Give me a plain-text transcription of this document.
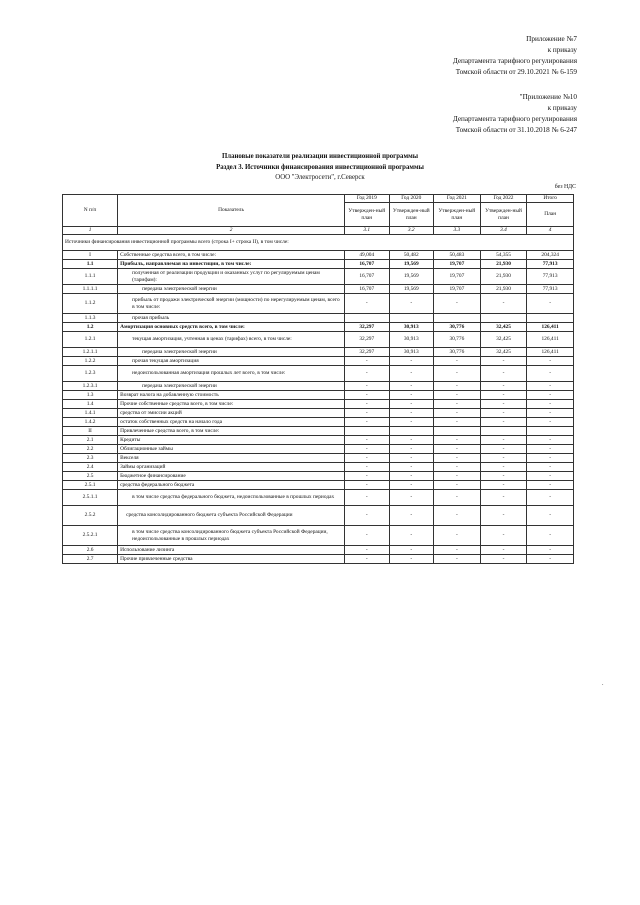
Приложение №7
к приказу
Департамента тарифного регулирования
Томской области от 29.10.2021 № 6-159
"Приложение №10
к приказу
Департамента тарифного регулирования
Томской области от 31.10.2018 № 6-247
Плановые показатели реализации инвестиционной программы
Раздел 3. Источники финансирования инвестиционной программы
ООО "Электросети", г.Северск
без НДС
N п/п	Показатель	Год 2019	Год 2020	Год 2021	Год 2022	Итого
		Утвержден-ный план	Утвержден-ный план	Утвержден-ный план	Утвержден-ный план	План
1	2	3.1	3.2	3.3	3.4	4
Источники финансирования инвестиционной программы всего (строка I+ строка II), в том числе:						
I	Собственные средства всего, в том числе:	49,004	50,482	50,483	54,355	204,324
1.1	Прибыль, направляемая на инвестиции, в том числе:	16,707	19,569	19,707	21,930	77,913
1.1.1	полученная от реализации продукции и оказанных услуг по регулируемым ценам (тарифам):	16,707	19,569	19,707	21,930	77,913
1.1.1.1	передача электрической энергии	16,707	19,569	19,707	21,930	77,913
1.1.2	прибыль от продажи электрической энергии (мощности) по нерегулируемым ценам, всего в том числе:	-	-	-	-	-
1.1.3	прочая прибыль					
1.2	Амортизация основных средств всего, в том числе:	32,297	30,913	30,776	32,425	126,411
1.2.1	текущая амортизация, учтенная в ценах (тарифах) всего, в том числе:	32,297	30,913	30,776	32,425	126,411
1.2.1.1	передача электрической энергии	32,297	30,913	30,776	32,425	126,411
1.2.2	прочая текущая амортизация	-	-	-	-	-
1.2.3	недоиспользованная амортизация прошлых лет всего, в том числе:	-	-	-	-	-
1.2.3.1	передача электрической энергии	-	-	-	-	-
1.3	Возврат налога на добавленную стоимость	-	-	-	-	-
1.4	Прочие собственные средства всего, в том числе:	-	-	-	-	-
1.4.1	средства от эмиссии акций	-	-	-	-	-
1.4.2	остаток собственных средств на начало года	-	-	-	-	-
II	Привлеченные средства всего, в том числе:					
2.1	Кредиты	-	-	-	-	-
2.2	Облигационные займы	-	-	-	-	-
2.3	Векселя	-	-	-	-	-
2.4	Займы организаций	-	-	-	-	-
2.5	Бюджетное финансирование	-	-	-	-	-
2.5.1	средства федерального бюджета	-	-	-	-	-
2.5.1.1	в том числе средства федерального бюджета, недоиспользованные в прошлых периодах	-	-	-	-	-
2.5.2	средства консолидированного бюджета субъекта Российской Федерации	-	-	-	-	-
2.5.2.1	в том числе средства консолидированного бюджета субъекта Российской Федерации, недоиспользованные в прошлых периодах	-	-	-	-	-
2.6	Использование лизинга	-	-	-	-	-
2.7	Прочие привлеченные средства	-	-	-	-	-
.
